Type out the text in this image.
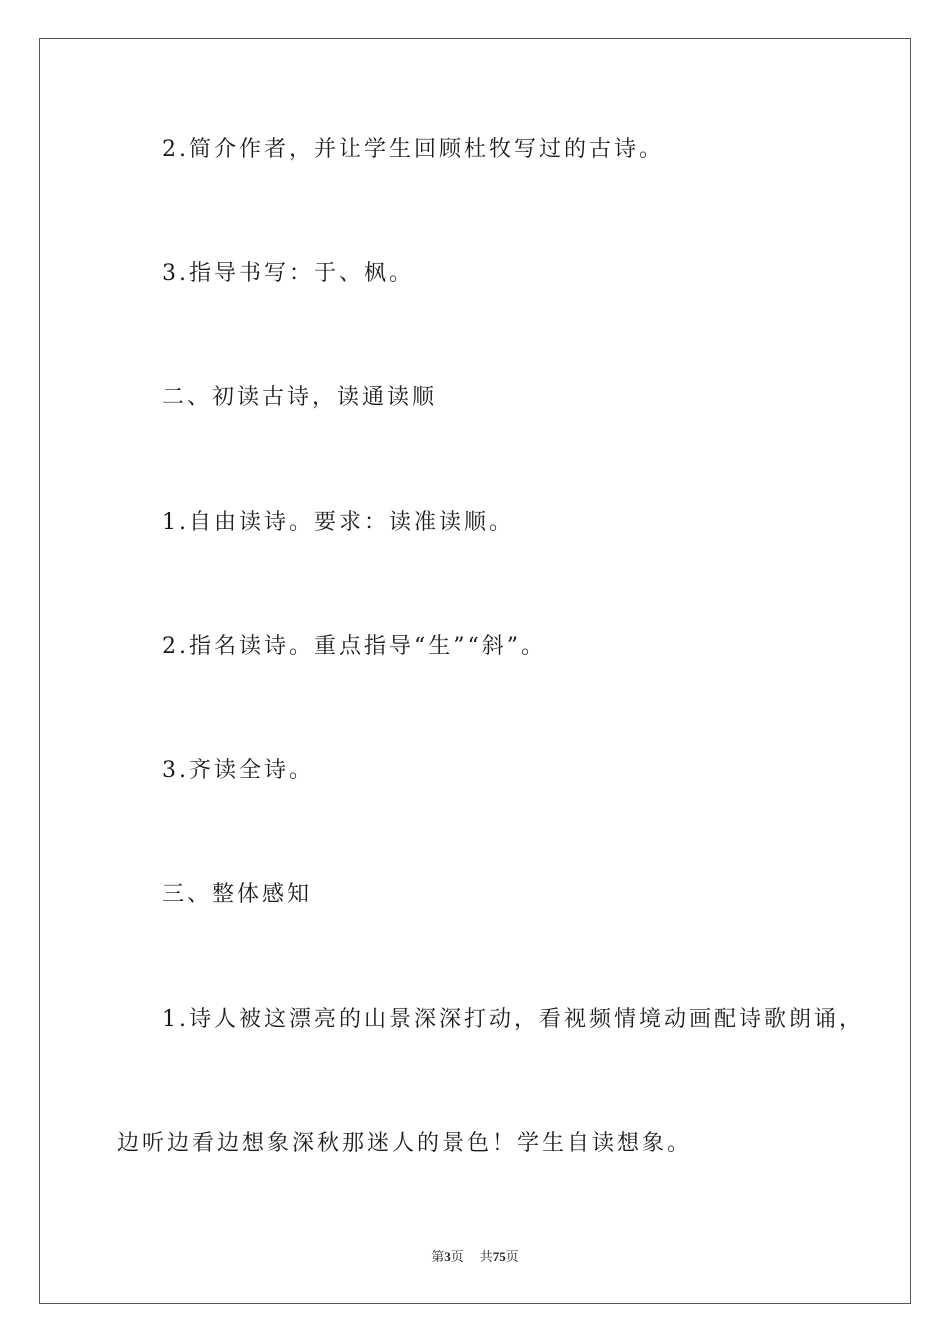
2.简介作者，并让学生回顾杜牧写过的古诗。
3.指导书写：于、枫。
二、初读古诗，读通读顺
1.自由读诗。要求：读准读顺。
2.指名读诗。重点指导“生”“斜”。
3.齐读全诗。
三、整体感知
1.诗人被这漂亮的山景深深打动，看视频情境动画配诗歌朗诵，
边听边看边想象深秋那迷人的景色！学生自读想象。
第3页 共75页
